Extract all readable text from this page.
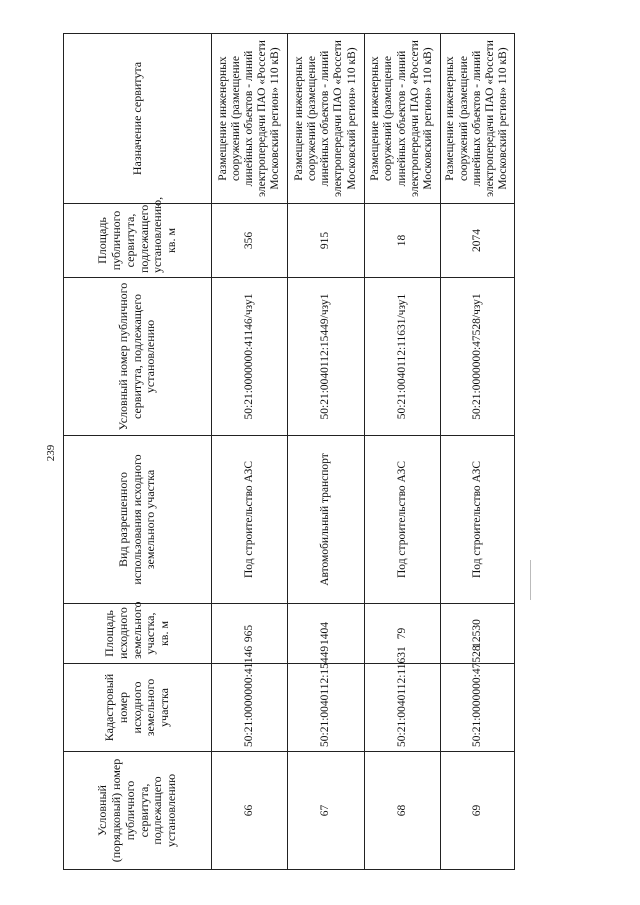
239
Условный (порядковый) номер публичного сервитута, подлежащего установлению	Кадастровый номер исходного земельного участка	Площадь исходного земельного участка, кв. м	Вид разрешенного использования исходного земельного участка	Условный номер публичного сервитута, подлежащего установлению	Площадь публичного сервитута, подлежащего установлению, кв. м	Назначение сервитута
66	50:21:0000000:41146	965	Под строительство АЗС	50:21:0000000:41146/чзу1	356	Размещение инженерных сооружений (размещение линейных объектов - линий электропередачи ПАО «Россети Московский регион» 110 кВ)
67	50:21:0040112:15449	1404	Автомобильный транспорт	50:21:0040112:15449/чзу1	915	Размещение инженерных сооружений (размещение линейных объектов - линий электропередачи ПАО «Россети Московский регион» 110 кВ)
68	50:21:0040112:11631	79	Под строительство АЗС	50:21:0040112:11631/чзу1	18	Размещение инженерных сооружений (размещение линейных объектов - линий электропередачи ПАО «Россети Московский регион» 110 кВ)
69	50:21:0000000:47528	12530	Под строительство АЗС	50:21:0000000:47528/чзу1	2074	Размещение инженерных сооружений (размещение линейных объектов - линий электропередачи ПАО «Россети Московский регион» 110 кВ)
